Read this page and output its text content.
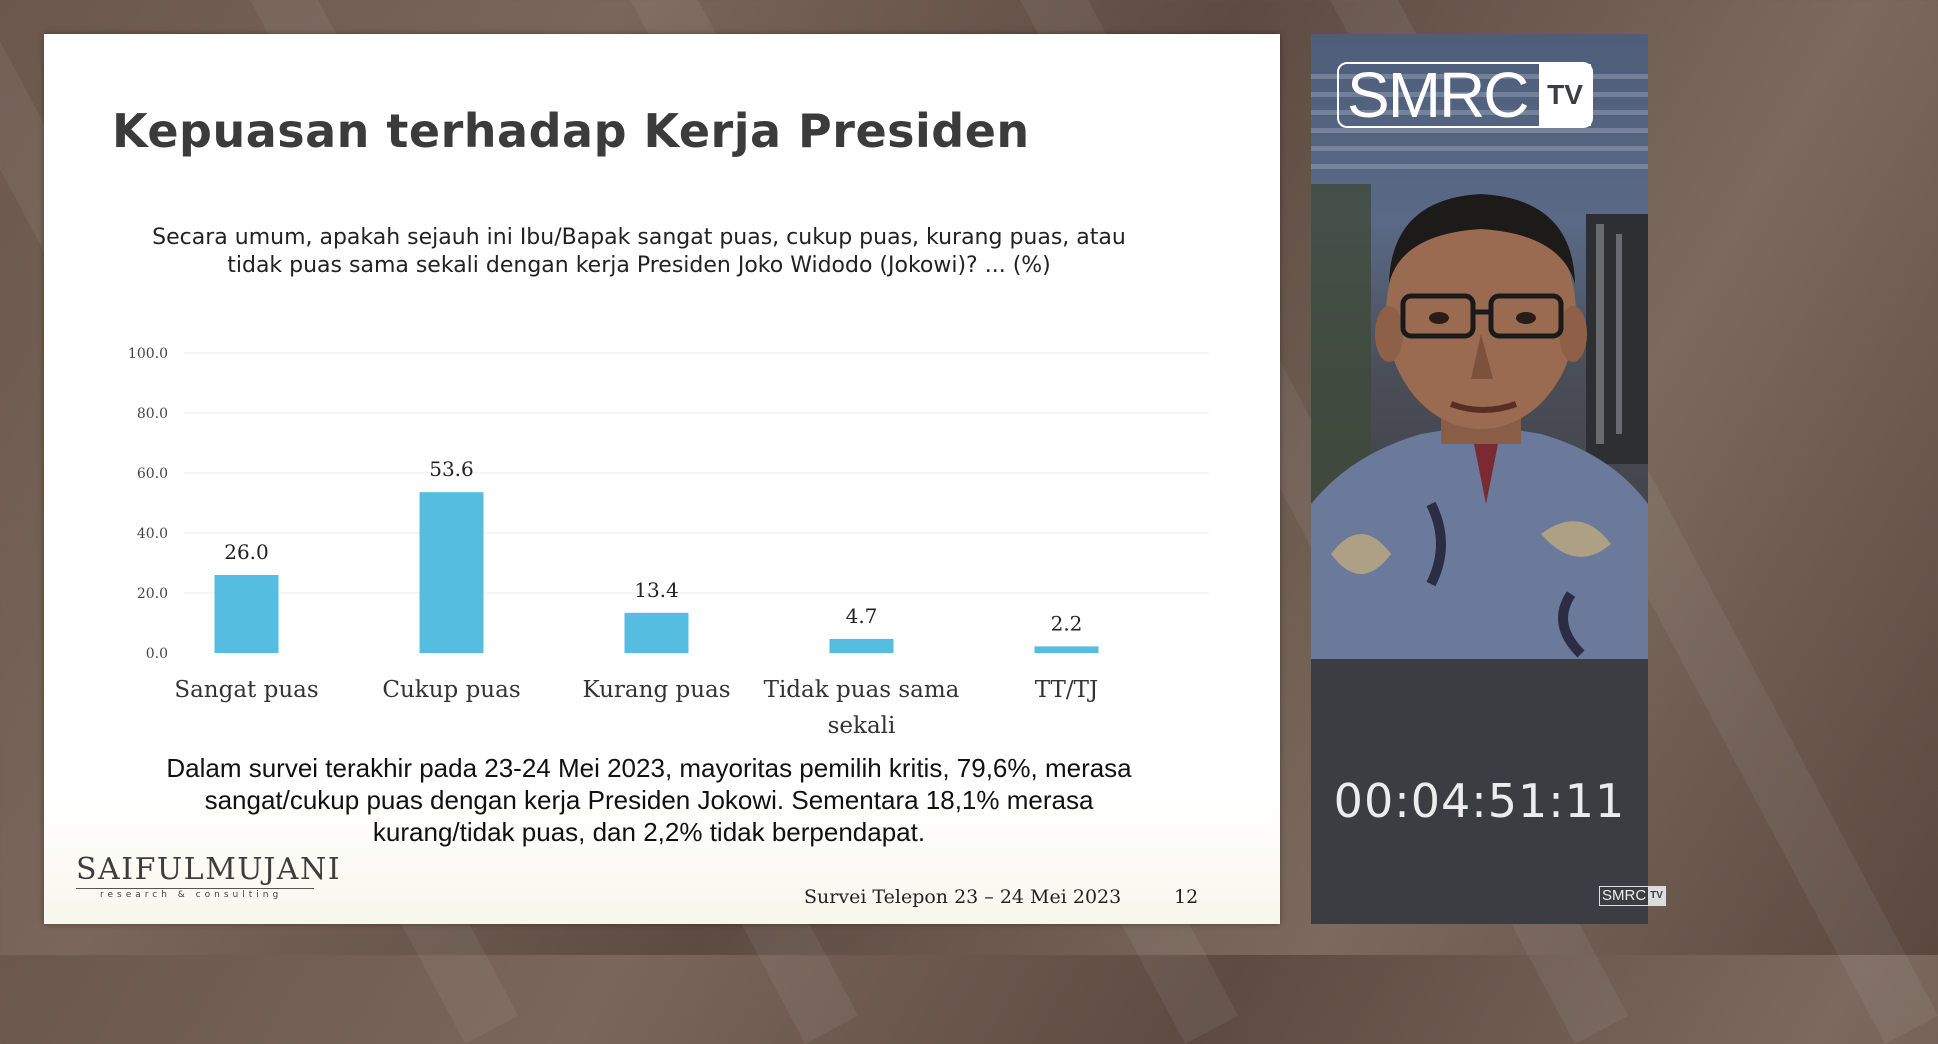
Kepuasan terhadap Kerja Presiden
Secara umum, apakah sejauh ini Ibu/Bapak sangat puas, cukup puas, kurang puas, atau
tidak puas sama sekali dengan kerja Presiden Joko Widodo (Jokowi)? ... (%)
0.0
20.0
40.0
60.0
80.0
100.0
26.0
Sangat puas
53.6
Cukup puas
13.4
Kurang puas
4.7
Tidak puas sama
sekali
2.2
TT/TJ
Dalam survei terakhir pada 23-24 Mei 2023, mayoritas pemilih kritis, 79,6%, merasa
sangat/cukup puas dengan kerja Presiden Jokowi. Sementara 18,1% merasa
kurang/tidak puas, dan 2,2% tidak berpendapat.
SAIFULMUJANI
research & consulting	Survei Telepon 23 – 24 Mei 2023	12
SMRC TV
00:04:51:11
SMRC TV
